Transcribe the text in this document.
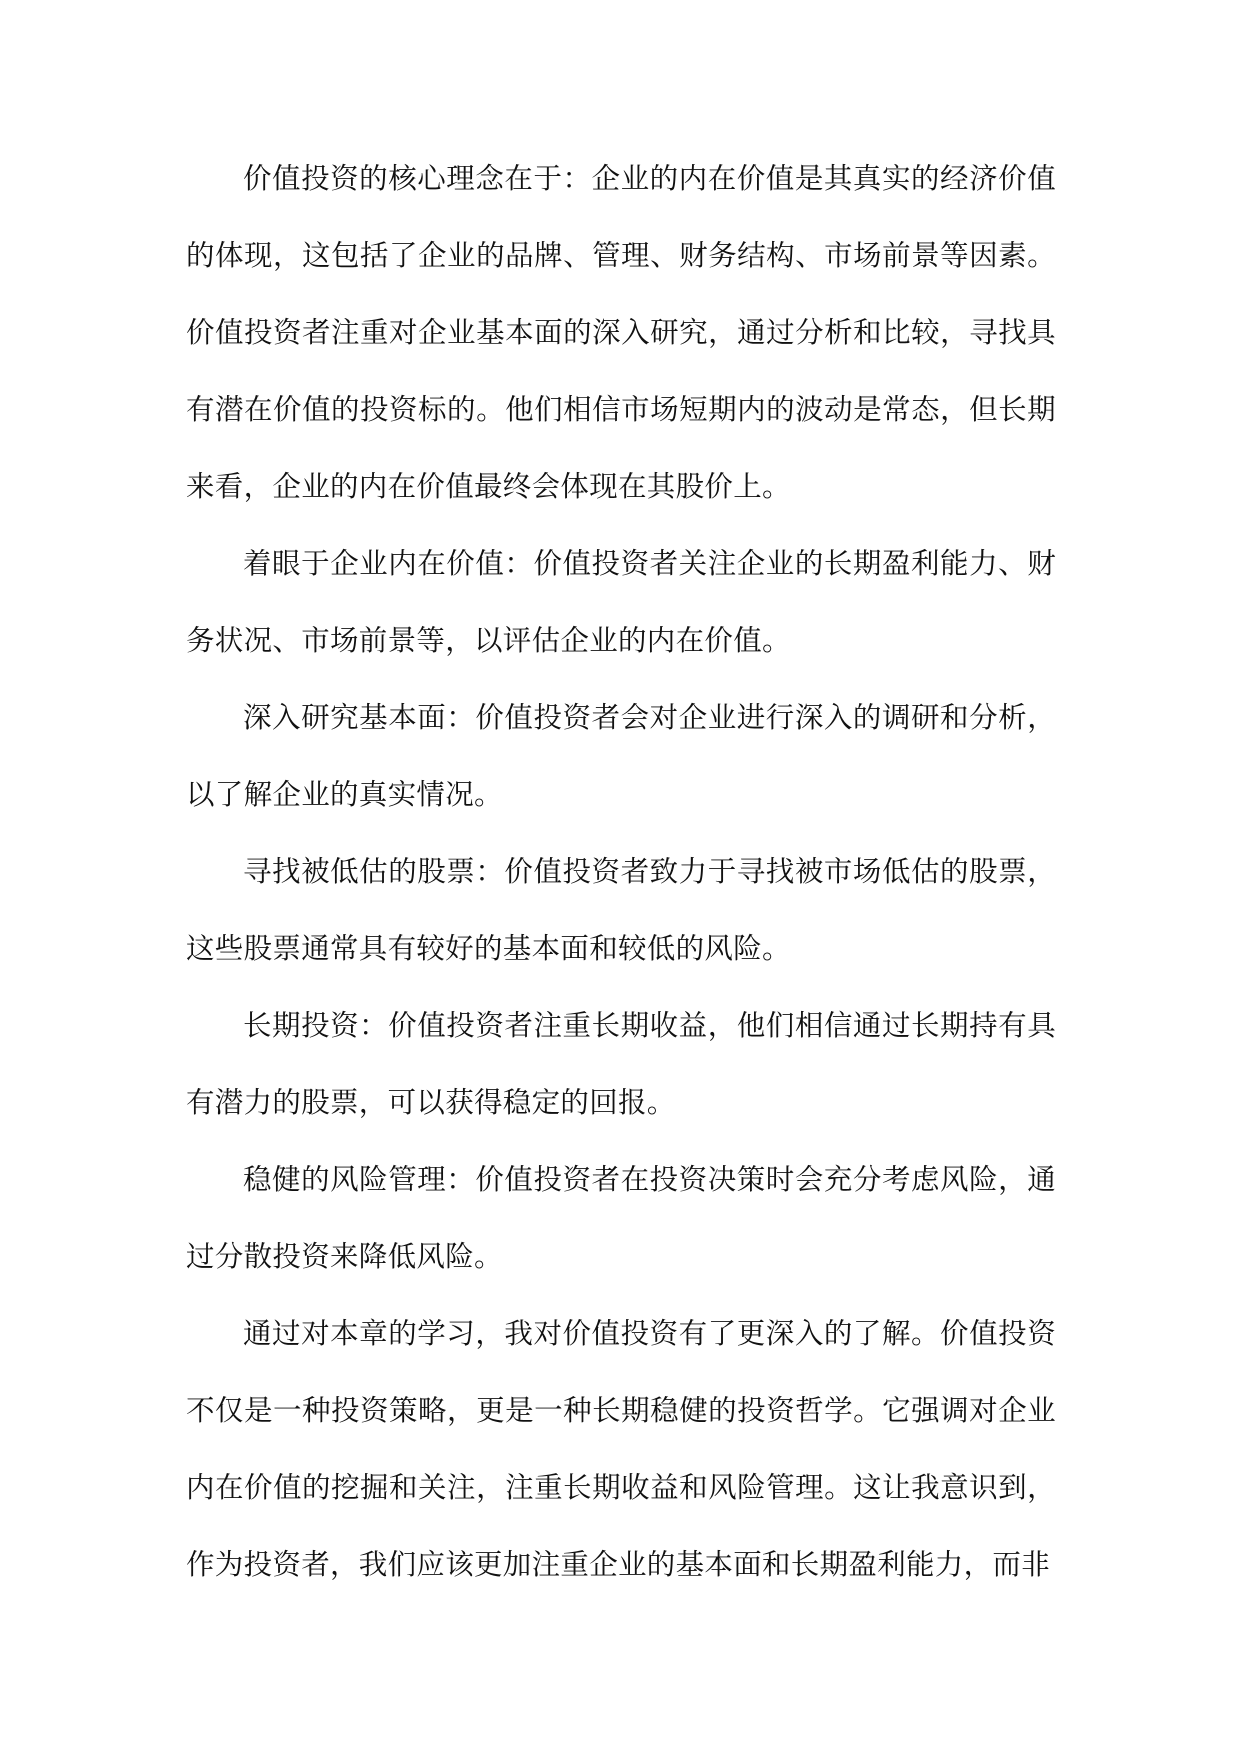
价值投资的核心理念在于：企业的内在价值是其真实的经济价值的体现，这包括了企业的品牌、管理、财务结构、市场前景等因素。价值投资者注重对企业基本面的深入研究，通过分析和比较，寻找具有潜在价值的投资标的。他们相信市场短期内的波动是常态，但长期来看，企业的内在价值最终会体现在其股价上。

着眼于企业内在价值：价值投资者关注企业的长期盈利能力、财务状况、市场前景等，以评估企业的内在价值。

深入研究基本面：价值投资者会对企业进行深入的调研和分析，以了解企业的真实情况。

寻找被低估的股票：价值投资者致力于寻找被市场低估的股票，这些股票通常具有较好的基本面和较低的风险。

长期投资：价值投资者注重长期收益，他们相信通过长期持有具有潜力的股票，可以获得稳定的回报。

稳健的风险管理：价值投资者在投资决策时会充分考虑风险，通过分散投资来降低风险。

通过对本章的学习，我对价值投资有了更深入的了解。价值投资不仅是一种投资策略，更是一种长期稳健的投资哲学。它强调对企业内在价值的挖掘和关注，注重长期收益和风险管理。这让我意识到，作为投资者，我们应该更加注重企业的基本面和长期盈利能力，而非
